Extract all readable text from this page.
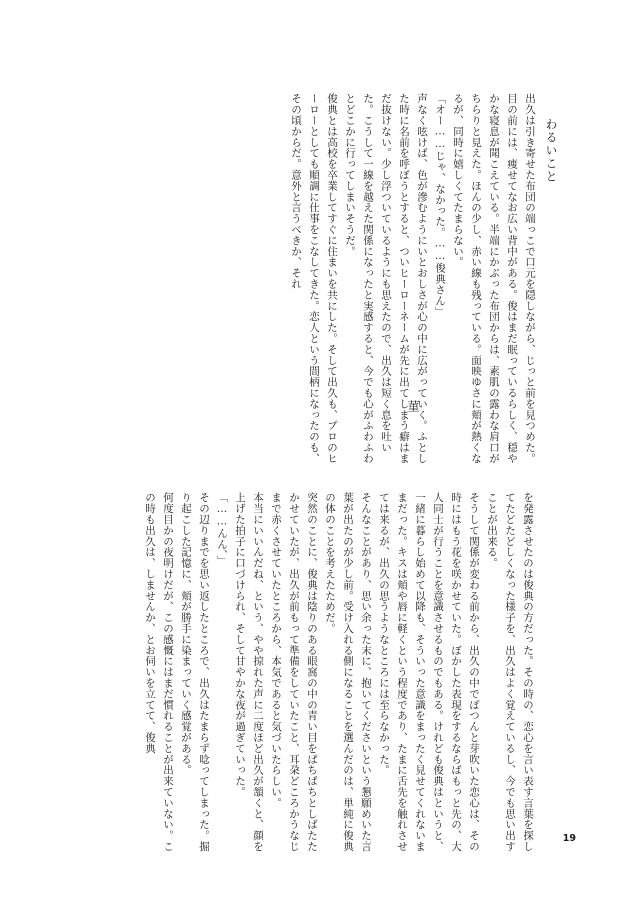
わるいこと
菫	出久は引き寄せた布団の端っこで口元を隠しながら、じっと前を見つめた。
目の前には、痩せてなお広い背中がある。俊はまだ眠っているらしく、穏やかな寝息が聞こえている。半端にかぶった布団からは、素肌の露わな肩口がちらりと見えた。ほんの少し、赤い線も残っている。面映ゆさに頬が熱くなるが、同時に嬉しくてたまらない。
「オー……じゃ、なかった。……俊典さん」
声なく呟けば、色が滲むようにいとおしさが心の中に広がっていく。ふとした時に名前を呼ぼうとすると、ついヒーローネームが先に出てしまう癖はまだ抜けない。少し浮ついているようにも思えたので、出久は短く息を吐いた。こうして一線を越えた関係になったと実感すると、今でも心がふわふわとどこかに行ってしまいそうだ。
俊典とは高校を卒業してすぐに住まいを共にした。そして出久も、プロのヒーローとしても順調に仕事をこなしてきた。恋人という間柄になったのも、その頃からだ。意外と言うべきか、それ
を発露させたのは俊典の方だった。その時の、恋心を言い表す言葉を探してたどたどしくなった様子を、出久はよく覚えているし、今でも思い出すことが出来る。
そうして関係が変わる前から、出久の中でぽつんと芽吹いた恋心は、その時にはもう花を咲かせていた。ぼかした表現をするならばもっと先の、大人同士が行うことを意識させるものでもある。けれども俊典はというと、一緒に暮らし始めて以降も、そういった意識をまったく見せてくれないままだった。キスは頬や唇に軽くという程度であり、たまに舌先を触れさせては来るが、出久の思うようなところには至らなかった。
そんなことがあり、思い余った末に、抱いてくださいという懇願めいた言葉が出たのが少し前。受け入れる側になることを選んだのは、単純に俊典の体のことを考えたためだ。
突然のことに、俊典は陰りのある眼窩の中の青い目をぱちぱちとしばたたかせていたが、出久が前もって準備をしていたこと、耳朶どころかうなじまで赤くさせていたところから、本気であると気づいたらしい。
本当にいいんだね、という、やや掠れた声に二度ほど出久が頷くと、顔を上げた拍子に口づけられ、そして甘やかな夜が過ぎていった。
「……んん、」
その辺りまでを思い返したところで、出久はたまらず唸ってしまった。掘り起こした記憶に、頬が勝手に染まっていく感覚がある。
何度目かの夜明けだが、この感慨にはまだ慣れることが出来ていない。この時も出久は、しませんか、とお伺いを立てて、俊典
19
